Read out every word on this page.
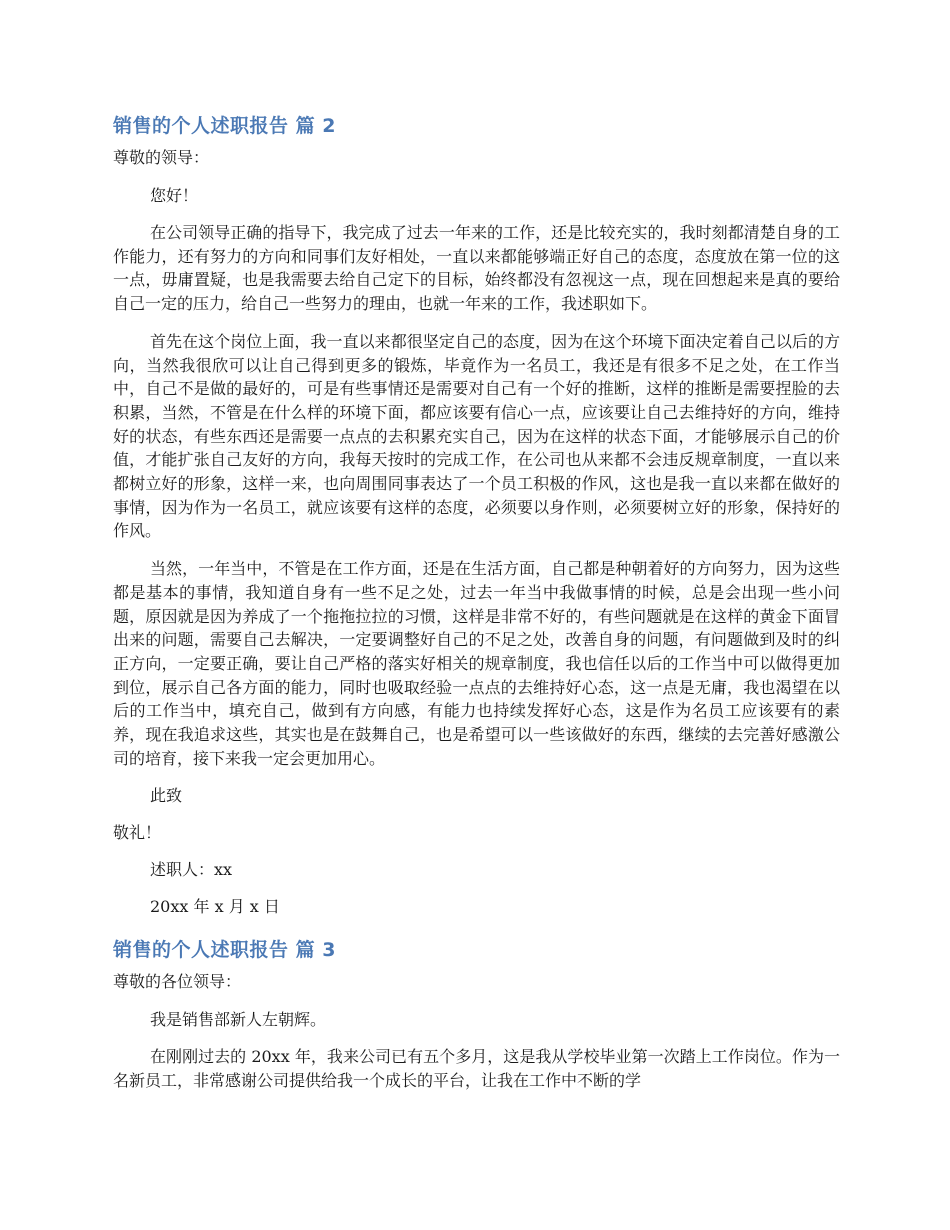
销售的个人述职报告 篇 2

尊敬的领导：

您好！

在公司领导正确的指导下，我完成了过去一年来的工作，还是比较充实的，我时刻都清楚自身的工作能力，还有努力的方向和同事们友好相处，一直以来都能够端正好自己的态度，态度放在第一位的这一点，毋庸置疑，也是我需要去给自己定下的目标，始终都没有忽视这一点，现在回想起来是真的要给自己一定的压力，给自己一些努力的理由，也就一年来的工作，我述职如下。

首先在这个岗位上面，我一直以来都很坚定自己的态度，因为在这个环境下面决定着自己以后的方向，当然我很欣可以让自己得到更多的锻炼，毕竟作为一名员工，我还是有很多不足之处，在工作当中，自己不是做的最好的，可是有些事情还是需要对自己有一个好的推断，这样的推断是需要捏脸的去积累，当然，不管是在什么样的环境下面，都应该要有信心一点，应该要让自己去维持好的方向，维持好的状态，有些东西还是需要一点点的去积累充实自己，因为在这样的状态下面，才能够展示自己的价值，才能扩张自己友好的方向，我每天按时的完成工作，在公司也从来都不会违反规章制度，一直以来都树立好的形象，这样一来，也向周围同事表达了一个员工积极的作风，这也是我一直以来都在做好的事情，因为作为一名员工，就应该要有这样的态度，必须要以身作则，必须要树立好的形象，保持好的作风。

当然，一年当中，不管是在工作方面，还是在生活方面，自己都是种朝着好的方向努力，因为这些都是基本的事情，我知道自身有一些不足之处，过去一年当中我做事情的时候，总是会出现一些小问题，原因就是因为养成了一个拖拖拉拉的习惯，这样是非常不好的，有些问题就是在这样的黄金下面冒出来的问题，需要自己去解决，一定要调整好自己的不足之处，改善自身的问题，有问题做到及时的纠正方向，一定要正确，要让自己严格的落实好相关的规章制度，我也信任以后的工作当中可以做得更加到位，展示自己各方面的能力，同时也吸取经验一点点的去维持好心态，这一点是无庸，我也渴望在以后的工作当中，填充自己，做到有方向感，有能力也持续发挥好心态，这是作为名员工应该要有的素养，现在我追求这些，其实也是在鼓舞自己，也是希望可以一些该做好的东西，继续的去完善好感激公司的培育，接下来我一定会更加用心。

此致

敬礼！

述职人：xx

20xx 年 x 月 x 日

销售的个人述职报告 篇 3

尊敬的各位领导：

我是销售部新人左朝辉。

在刚刚过去的 20xx 年，我来公司已有五个多月，这是我从学校毕业第一次踏上工作岗位。作为一名新员工，非常感谢公司提供给我一个成长的平台，让我在工作中不断的学
